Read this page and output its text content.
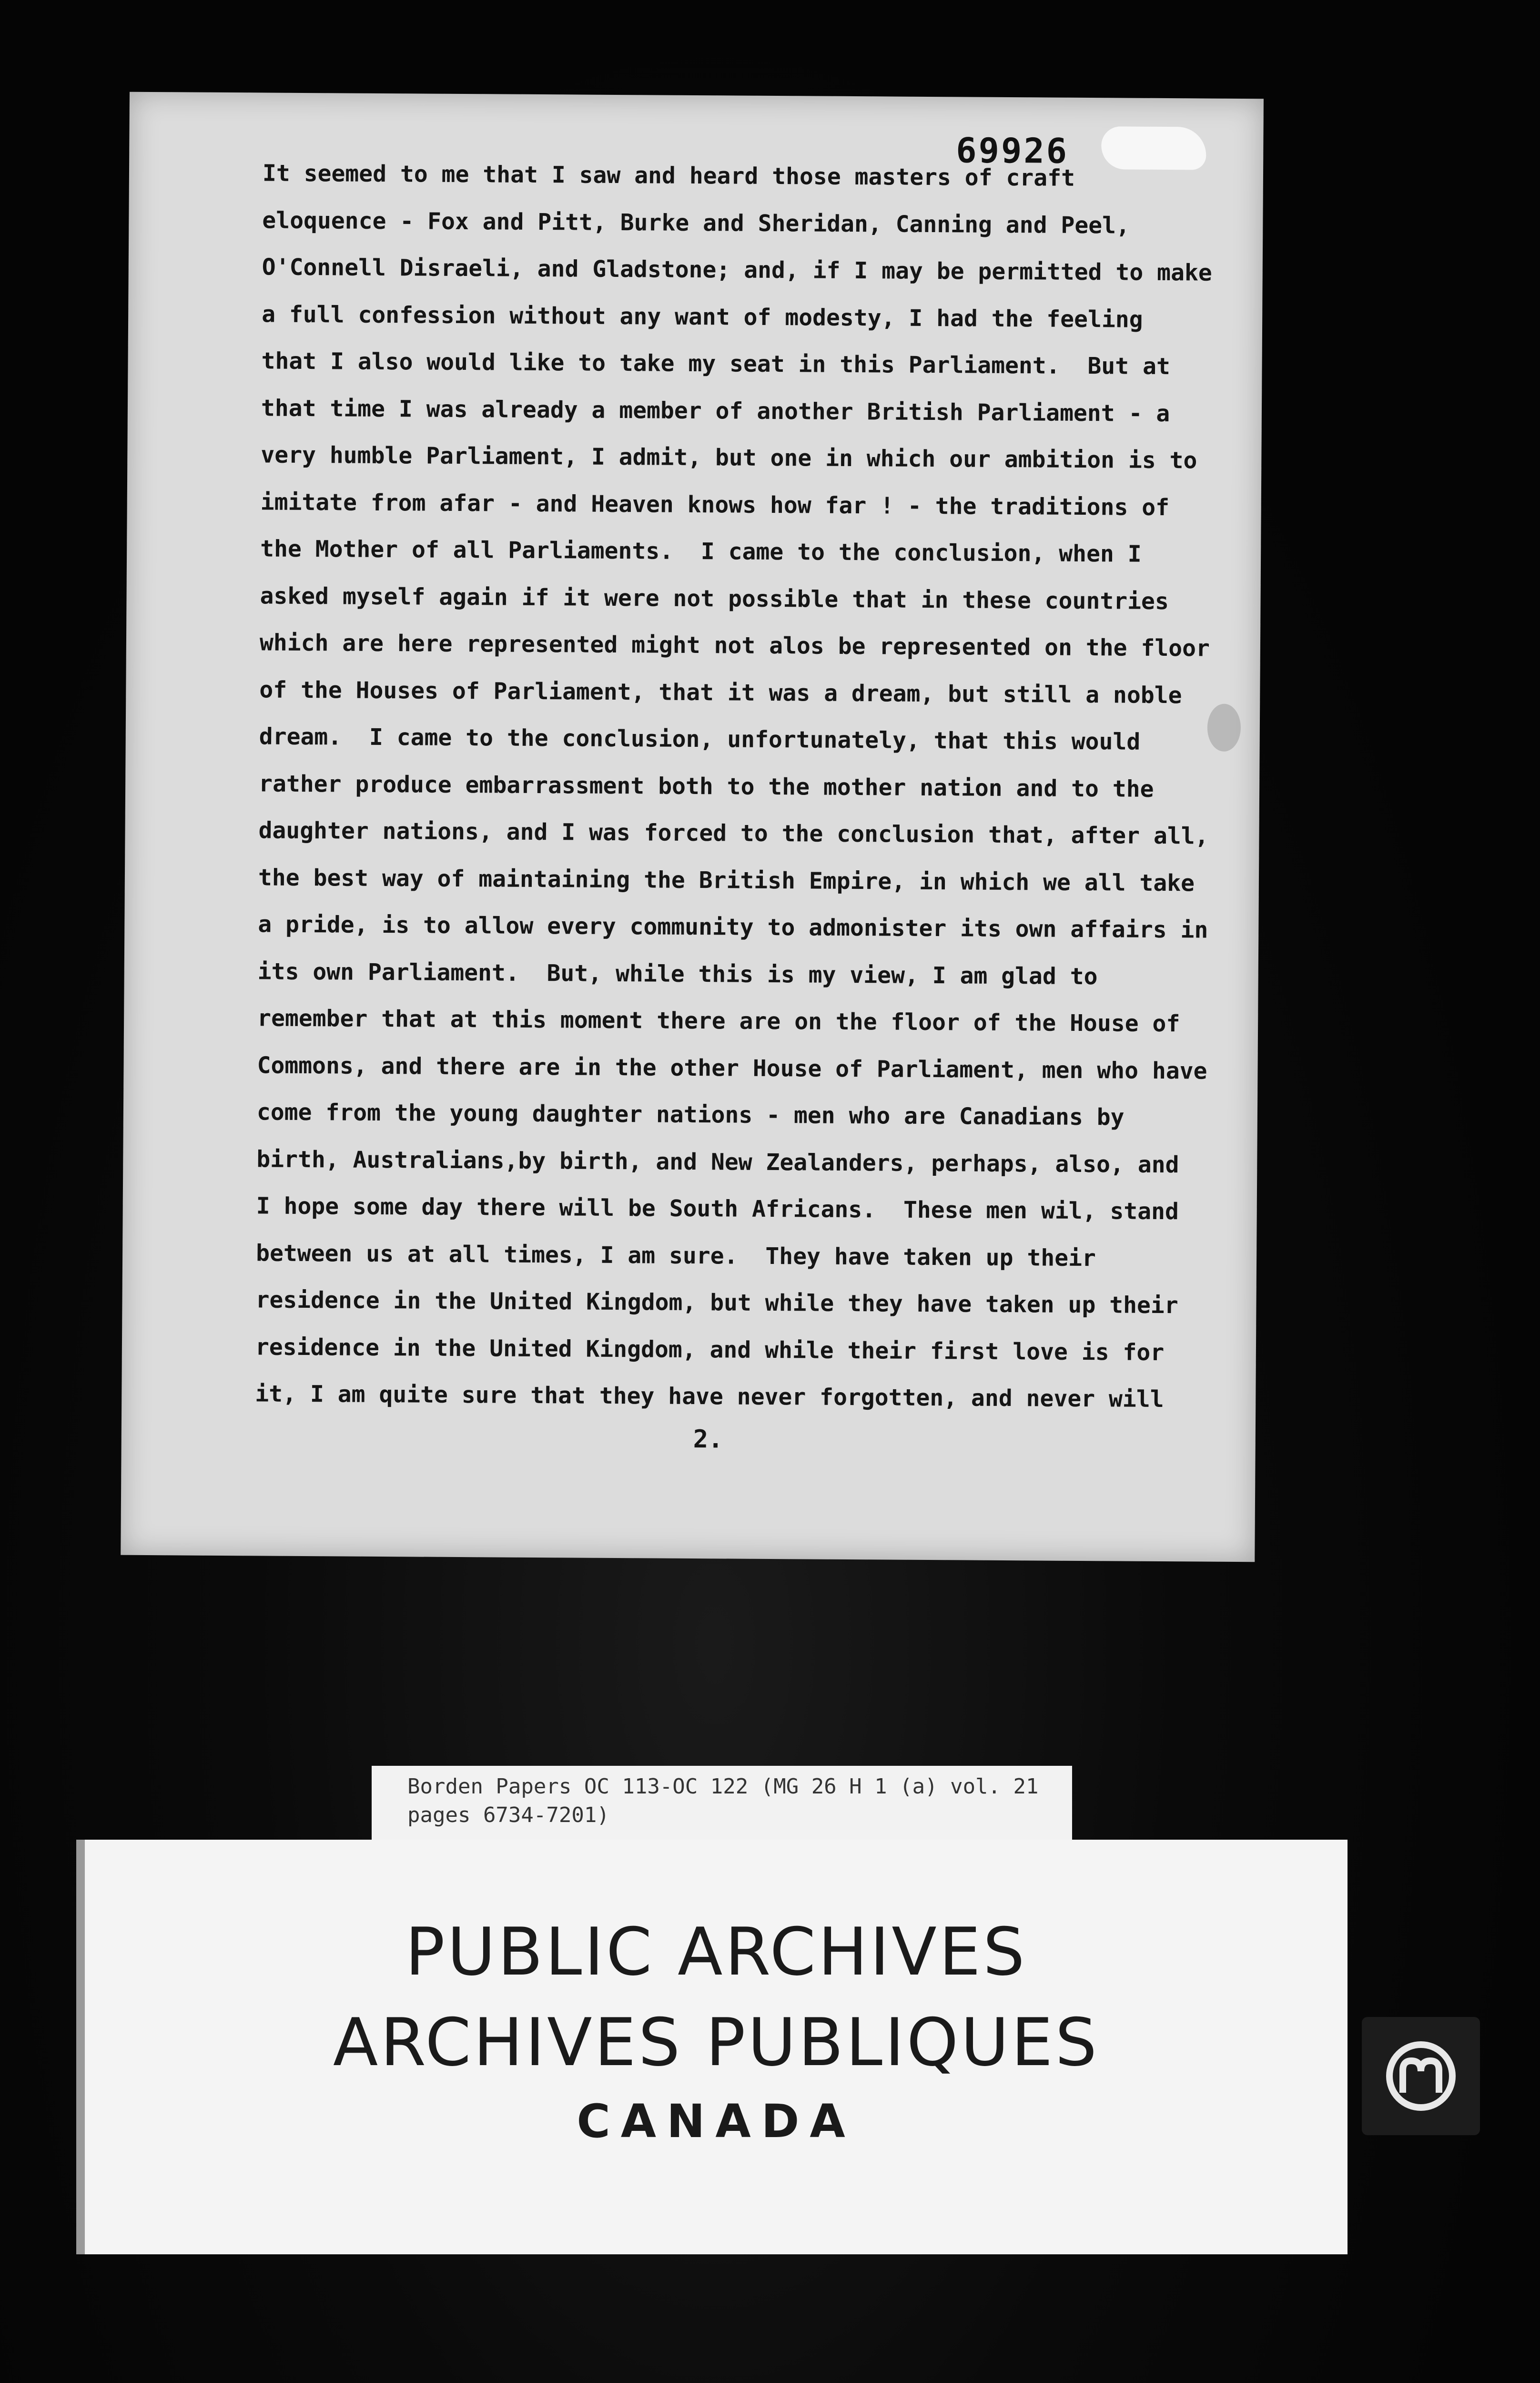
69926
It seemed to me that I saw and heard those masters of craft
eloquence - Fox and Pitt, Burke and Sheridan, Canning and Peel,
O'Connell Disraeli, and Gladstone; and, if I may be permitted to make
a full confession without any want of modesty, I had the feeling
that I also would like to take my seat in this Parliament.  But at
that time I was already a member of another British Parliament - a
very humble Parliament, I admit, but one in which our ambition is to
imitate from afar - and Heaven knows how far ! - the traditions of
the Mother of all Parliaments.  I came to the conclusion, when I
asked myself again if it were not possible that in these countries
which are here represented might not alos be represented on the floor
of the Houses of Parliament, that it was a dream, but still a noble
dream.  I came to the conclusion, unfortunately, that this would
rather produce embarrassment both to the mother nation and to the
daughter nations, and I was forced to the conclusion that, after all,
the best way of maintaining the British Empire, in which we all take
a pride, is to allow every community to admonister its own affairs in
its own Parliament.  But, while this is my view, I am glad to
remember that at this moment there are on the floor of the House of
Commons, and there are in the other House of Parliament, men who have
come from the young daughter nations - men who are Canadians by
birth, Australians,by birth, and New Zealanders, perhaps, also, and
I hope some day there will be South Africans.  These men wil, stand
between us at all times, I am sure.  They have taken up their
residence in the United Kingdom, but while they have taken up their
residence in the United Kingdom, and while their first love is for
it, I am quite sure that they have never forgotten, and never will
2.
Borden Papers OC 113-OC 122 (MG 26 H 1 (a) vol. 21 pages 6734-7201)
PUBLIC ARCHIVES
ARCHIVES PUBLIQUES
CANADA
